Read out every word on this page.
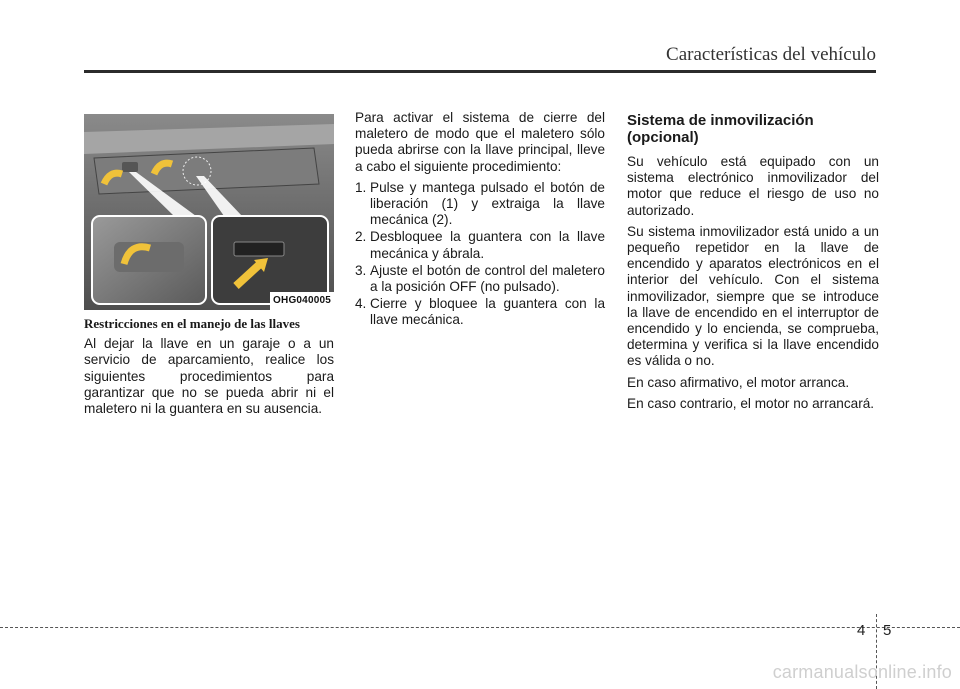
Características del vehículo
OHG040005
Restricciones en el manejo de las llaves

Al dejar la llave en un garaje o a un servicio de aparcamiento, realice los siguientes procedimientos para garantizar que no se pueda abrir ni el maletero ni la guantera en su ausencia.

Para activar el sistema de cierre del maletero de modo que el maletero sólo pueda abrirse con la llave principal, lleve a cabo el siguiente procedimiento:

1. Pulse y mantega pulsado el botón de liberación (1) y extraiga la llave mecánica (2).
2. Desbloquee la guantera con la llave mecánica y ábrala.
3. Ajuste el botón de control del maletero a la posición OFF (no pulsado).
4. Cierre y bloquee la guantera con la llave mecánica.
Sistema de inmovilización (opcional)

Su vehículo está equipado con un sistema electrónico inmovilizador del motor que reduce el riesgo de uso no autorizado.

Su sistema inmovilizador está unido a un pequeño repetidor en la llave de encendido y aparatos electrónicos en el interior del vehículo. Con el sistema inmovilizador, siempre que se introduce la llave de encendido en el interruptor de encendido y lo encienda, se comprueba, determina y verifica si la llave encendido es válida o no.

En caso afirmativo, el motor arranca.

En caso contrario, el motor no arrancará.

4 5
carmanualsonline.info
